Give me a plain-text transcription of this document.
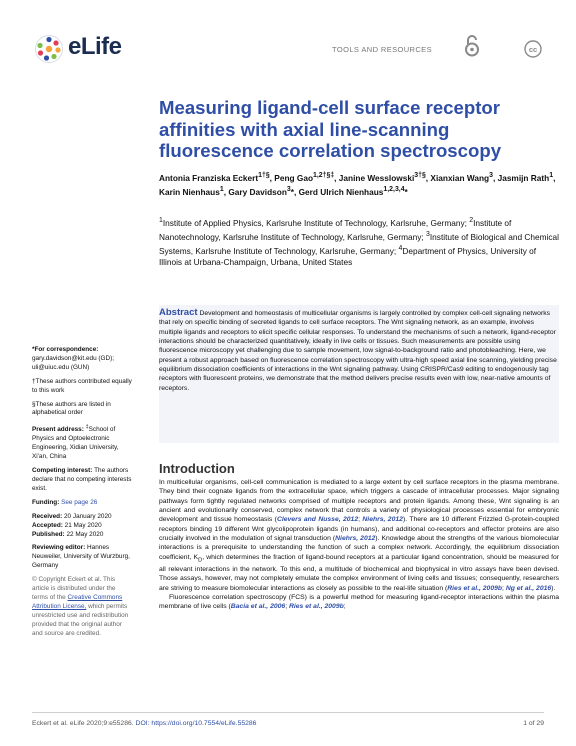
eLife	TOOLS AND RESOURCES	cc
Measuring ligand-cell surface receptor affinities with axial line-scanning fluorescence correlation spectroscopy
Antonia Franziska Eckert$^{1\dagger\S}$, Peng Gao$^{1,2\dagger\S\ddagger}$, Janine Wesslowski$^{3\dagger\S}$, Xianxian Wang$^3$, Jasmijn Rath$^1$, Karin Nienhaus$^1$, Gary Davidson$^3$*, Gerd Ulrich Nienhaus$^{1,2,3,4}$*
$^1$Institute of Applied Physics, Karlsruhe Institute of Technology, Karlsruhe, Germany; $^2$Institute of Nanotechnology, Karlsruhe Institute of Technology, Karlsruhe, Germany; $^3$Institute of Biological and Chemical Systems, Karlsruhe Institute of Technology, Karlsruhe, Germany; $^4$Department of Physics, University of Illinois at Urbana-Champaign, Urbana, United States
*For correspondence:
gary.davidson@kit.edu (GD); uli@uiuc.edu (GUN)
†These authors contributed equally to this work
§These authors are listed in alphabetical order
Present address: ‡School of Physics and Optoelectronic Engineering, Xidian University, Xi'an, China
Competing interest: The authors declare that no competing interests exist.
Funding: See page 26
Received: 20 January 2020
Accepted: 21 May 2020
Published: 22 May 2020
Reviewing editor: Hannes Neuweiler, University of Wurzburg, Germany
© Copyright Eckert et al. This article is distributed under the terms of the Creative Commons Attribution License, which permits unrestricted use and redistribution provided that the original author and source are credited.
Abstract Development and homeostasis of multicellular organisms is largely controlled by complex cell-cell signaling networks that rely on specific binding of secreted ligands to cell surface receptors. The Wnt signaling network, as an example, involves multiple ligands and receptors to elicit specific cellular responses. To understand the mechanisms of such a network, ligand-receptor interactions should be characterized quantitatively, ideally in live cells or tissues. Such measurements are possible using fluorescence microscopy yet challenging due to sample movement, low signal-to-background ratio and photobleaching. Here, we present a robust approach based on fluorescence correlation spectroscopy with ultra-high speed axial line scanning, yielding precise equilibrium dissociation coefficients of interactions in the Wnt signaling pathway. Using CRISPR/Cas9 editing to endogenously tag receptors with fluorescent proteins, we demonstrate that the method delivers precise results even with low, near-native amounts of receptors.
Introduction
In multicellular organisms, cell-cell communication is mediated to a large extent by cell surface receptors in the plasma membrane. They bind their cognate ligands from the extracellular space, which triggers a cascade of intracellular processes. Major signaling pathways form tightly regulated networks comprised of multiple receptors and protein ligands. Among these, Wnt signaling is an ancient and evolutionarily conserved, complex network that controls a variety of physiological processes essential for embryonic development and tissue homeostasis (Clevers and Nusse, 2012; Niehrs, 2012). There are 10 different Frizzled G-protein-coupled receptors binding 19 different Wnt glycolipoprotein ligands (in humans), and additional co-receptors and effector proteins are also crucially involved in the modulation of signal transduction (Niehrs, 2012). Knowledge about the strengths of the various biomolecular interactions is a prerequisite to understanding the function of such a complex network. Accordingly, the equilibrium dissociation coefficient, $K_D$, which determines the fraction of ligand-bound receptors at a particular ligand concentration, should be measured for all relevant interactions in the network. To this end, a multitude of biochemical and biophysical in vitro assays have been devised. Those assays, however, may not completely emulate the complex environment of living cells and tissues; consequently, researchers are striving to measure biomolecular interactions as closely as possible to the real-life situation (Ries et al., 2009b; Ng et al., 2016).
Fluorescence correlation spectroscopy (FCS) is a powerful method for measuring ligand-receptor interactions within the plasma membrane of live cells (Bacia et al., 2006; Ries et al., 2009b;
Eckert et al. eLife 2020;9:e55286. DOI: https://doi.org/10.7554/eLife.55286	1 of 29
